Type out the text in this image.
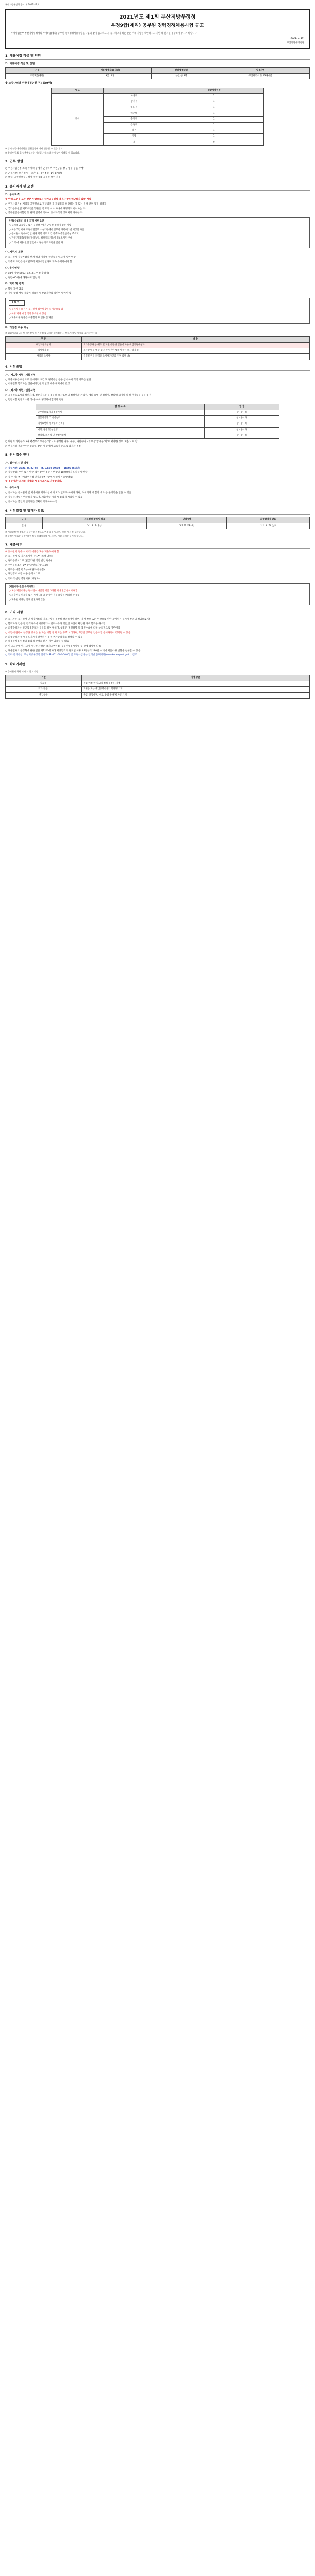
부산지방우정청 공고 제 2021-11호
2021년도 제1회 부산지방우정청
우정9급(계리) 공무원 경력경쟁채용시험 공고
우정사업본부 부산지방우정청의 우정9급(계리) 공무원 경력경쟁채용시험을 다음과 같이 공고하오니, 응시하고자 하는 분은 아래 사항을 확인하시고 기한 내 원서를 접수하여 주시기 바랍니다.
2021. 7. 19.
부산지방우정청장
1. 채용예정 직급 및 인원
가. 채용예정 직급 및 인원
구 분	채용예정직급(직렬)	선발예정인원	임용지역
우정9급(계리)	9급 · 9명	부산 등 9명	부산광역시 등 13개시군
※ 모집단위별 선발예정인원 구분표(9명)
시 도		선발예정인원
부산	사상구	2
	강서구	1
	영도구	1
	해운대	1
	수영구	1
	금정구	1
	북구	1
	기장	1
	계	9

※ 상기 선발예정인원은 결원상황에 따라 변동될 수 있습니다.

※ 합격자 발표 후 임용예정지는 개인별 거주지와 관계 없이 정해질 수 있습니다.

2. 근무 방법

○ 우정사업본부 소속 우체국 등에서 근무하며 우편금융 창구 업무 등을 수행

○ 근무시간: 오전 9시 ~ 오후 6시 (주 5일, 1일 8시간)

○ 보수: 공무원보수규정에 따른 9급 공무원 보수 적용

3. 응시자격 및 요건
가. 응시자격

※ 아래 요건을 모두 갖춘 사람으로서 국가공무원법 결격사유에 해당하지 않는 사람

○ 우정사업본부 계리직 공무원으로 정년퇴직 후 재임용을 희망하는 자 또는 우정 관련 업무 경력자

○ 국가공무원법 제33조(결격사유) 각 호의 어느 하나에 해당하지 아니하는 자

○ 공무원임용시험령 등 관계 법령에 의하여 응시자격이 정지되지 아니한 자

우정9급(계리) 채용 자격 세부 요건

○ 우체국 금융창구 또는 우편창구에서 근무한 경력이 있는 사람

○ 최근 5년 이내 우정사업본부 소속기관에서 근무한 경력이 1년 이상인 사람

○ 응시원서 접수마감일 현재 지역 거주 요건 충족자(주민등록상 주소지)

○ 관련 자격증(컴퓨터활용능력, 정보처리기능사 등) 소지자 우대

○ 그 밖에 채용 관련 법령에서 정한 자격요건을 갖춘 자

나. 거주지 제한

○ 응시원서 접수마감일 현재 해당 지역에 주민등록이 되어 있어야 함

○ 거주지 요건은 공고일부터 최종시험일까지 계속 유지하여야 함

다. 응시연령

○ 18세 이상(2003. 12. 31. 이전 출생자)

○ 정년(60세)에 해당하지 않는 자

라. 학력 및 경력

○ 학력 제한 없음

○ 경력 증명 서류 제출이 필요하며 발급기관의 직인이 있어야 함

[ 확 인 ]

○ 응시자격 요건은 응시원서 접수마감일을 기준으로 함

○ 허위 기재 시 합격이 취소될 수 있음

○ 제출서류 원본은 최종합격 후 임용 전 제출

마. 가산점 적용 대상

※ 취업지원대상자 및 의사상자 등 가산점 대상자는 원서접수 시 반드시 해당 사항을 표기하여야 함

구 분	내 용
취업지원대상자	국가유공자 등 예우 및 지원에 관한 법률에 따른 취업지원대상자
의사상자 등	의사상자 등 예우 및 지원에 관한 법률에 따른 의사상자 등
자격증 소지자	직렬별 관련 자격증 소지자(가산점 인정 범위 내)
4. 시험방법
가. (제1차 시험) 서류전형

○ 제출서류를 바탕으로 응시자격 요건 및 경력사항 등을 심사하여 적격 여부를 판단

○ 서류전형 합격자는 선발예정인원의 일정 배수 내외에서 결정

나. (제2차 시험) 면접시험

○ 공무원으로서의 정신자세, 전문지식과 응용능력, 의사표현의 정확성과 논리성, 예의·품행 및 성실성, 창의력·의지력 및 발전가능성 등을 평정

○ 면접시험 평정요소별 상·중·하로 평정하여 합격자 결정

평 정 요 소	평 정
공무원으로서의 정신자세	상 · 중 · 하
전문지식과 그 응용능력	상 · 중 · 하
의사표현의 정확성과 논리성	상 · 중 · 하
예의, 품행 및 성실성	상 · 중 · 하
창의력, 의지력 및 발전가능성	상 · 중 · 하

○ 위원의 과반수가 5개 평정요소 모두를 '상'으로 평정한 경우 '우수', 과반수가 2개 이상 항목을 '하'로 평정한 경우 '미흡'으로 함

○ 면접시험 결과 '우수' 등급을 받은 자 중에서 고득점 순으로 합격자 결정

5. 원서접수 안내
가. 접수일시 및 방법

○ 접수기간: 2021. 8. 2.(월) ~ 8. 6.(금) 09:00 ~ 18:00 (5일간)

○ 접수방법: 우편 또는 방문 접수 (우편접수는 마감일 18:00까지 도착분에 한함)

○ 접 수 처: 부산지방우정청 인사과 (부산광역시 연제구 중앙대로)

※ 접수기간 내 서류 미제출 시 응시포기로 간주합니다.

나. 유의사항

○ 응시자는 응시원서 및 제출서류 기재사항에 착오가 없도록 하여야 하며, 허위기재 시 합격 취소 등 불이익을 받을 수 있음

○ 접수된 서류는 반환하지 않으며, 제출서류 미비 시 불합격 처리될 수 있음

○ 응시자는 본인의 연락처를 정확히 기재하여야 함

6. 시험일정 및 합격자 발표
구 분	서류전형 합격자 발표	면접시험	최종합격자 발표
일 정	'21. 8. 13.(금)	'21. 8. 19.(목)	'21. 8. 27.(금)

※ 시험일정 및 장소는 부득이한 사정으로 변경될 수 있으며, 변경 시 사전 공지합니다.

※ 합격자 발표는 부산지방우정청 홈페이지에 게시하며, 개별 통지는 하지 않습니다.

7. 제출서류

※ 응시원서 접수 시 아래 서류를 모두 제출하여야 함

○ 응시원서 및 자기소개서 각 1부 (소정 양식)

○ 경력증명서 1부 (발급기관 직인 날인 필수)

○ 주민등록초본 1부 (주소변동사항 포함)

○ 자격증 사본 각 1부 (해당자에 한함)

○ 개인정보 수집·이용 동의서 1부

○ 기타 가산점 증빙서류 (해당자)

[제출서류 관련 유의사항]

○ 모든 제출서류는 원서접수 마감일 기준 3개월 이내 발급분이어야 함

○ 제출서류 미제출 또는 기재 내용과 상이한 경우 불합격 처리될 수 있음

○ 제출된 서류는 일체 반환하지 않음

8. 기타 사항

○ 응시자는 응시원서 및 제출서류의 기재사항을 정확히 확인하여야 하며, 기재 착오 또는 누락으로 인한 불이익은 응시자 본인의 책임으로 함

○ 합격자가 임용 전 결격사유에 해당하거나 결격사유가 있었던 사실이 확인될 경우 합격을 취소함

○ 최종합격자는 신규임용후보자 등록을 하여야 하며, 임용은 결원상황 및 업무수요에 따라 순차적으로 이루어짐

○ 시험에 관하여 부정한 행위를 한 자는 시험 정지 또는 무효 처리하며, 5년간 공무원 임용시험 응시자격이 정지될 수 있음

○ 최종합격자 중 임용포기자가 발생하는 경우 추가합격자를 결정할 수 있음

○ 채용신체검사 결과 불합격 판정을 받은 경우 임용될 수 없음

○ 이 공고문에 명시되지 아니한 사항은 국가공무원법, 공무원임용시험령 등 관계 법령에 따름

○ 채용절차의 공정화에 관한 법률 제11조에 따라 최종합격자 발표일 이후 14일부터 180일 이내에 제출서류 반환을 청구할 수 있음

○ 기타 문의사항: 부산지방우정청 인사과(☎ 051-000-0000) 및 우정사업본부 인터넷 홈페이지(www.koreapost.go.kr) 참조

9. 학력기재란

※ 응시원서 학력 기재 시 참고 사항

구 분	기재 방법
학교명	졸업(예정)한 학교의 정식 명칭을 기재
학과(전공)	학위증 또는 졸업증명서상의 학과명 기재
졸업구분	졸업, 졸업예정, 수료, 중퇴 중 해당 사항 기재
